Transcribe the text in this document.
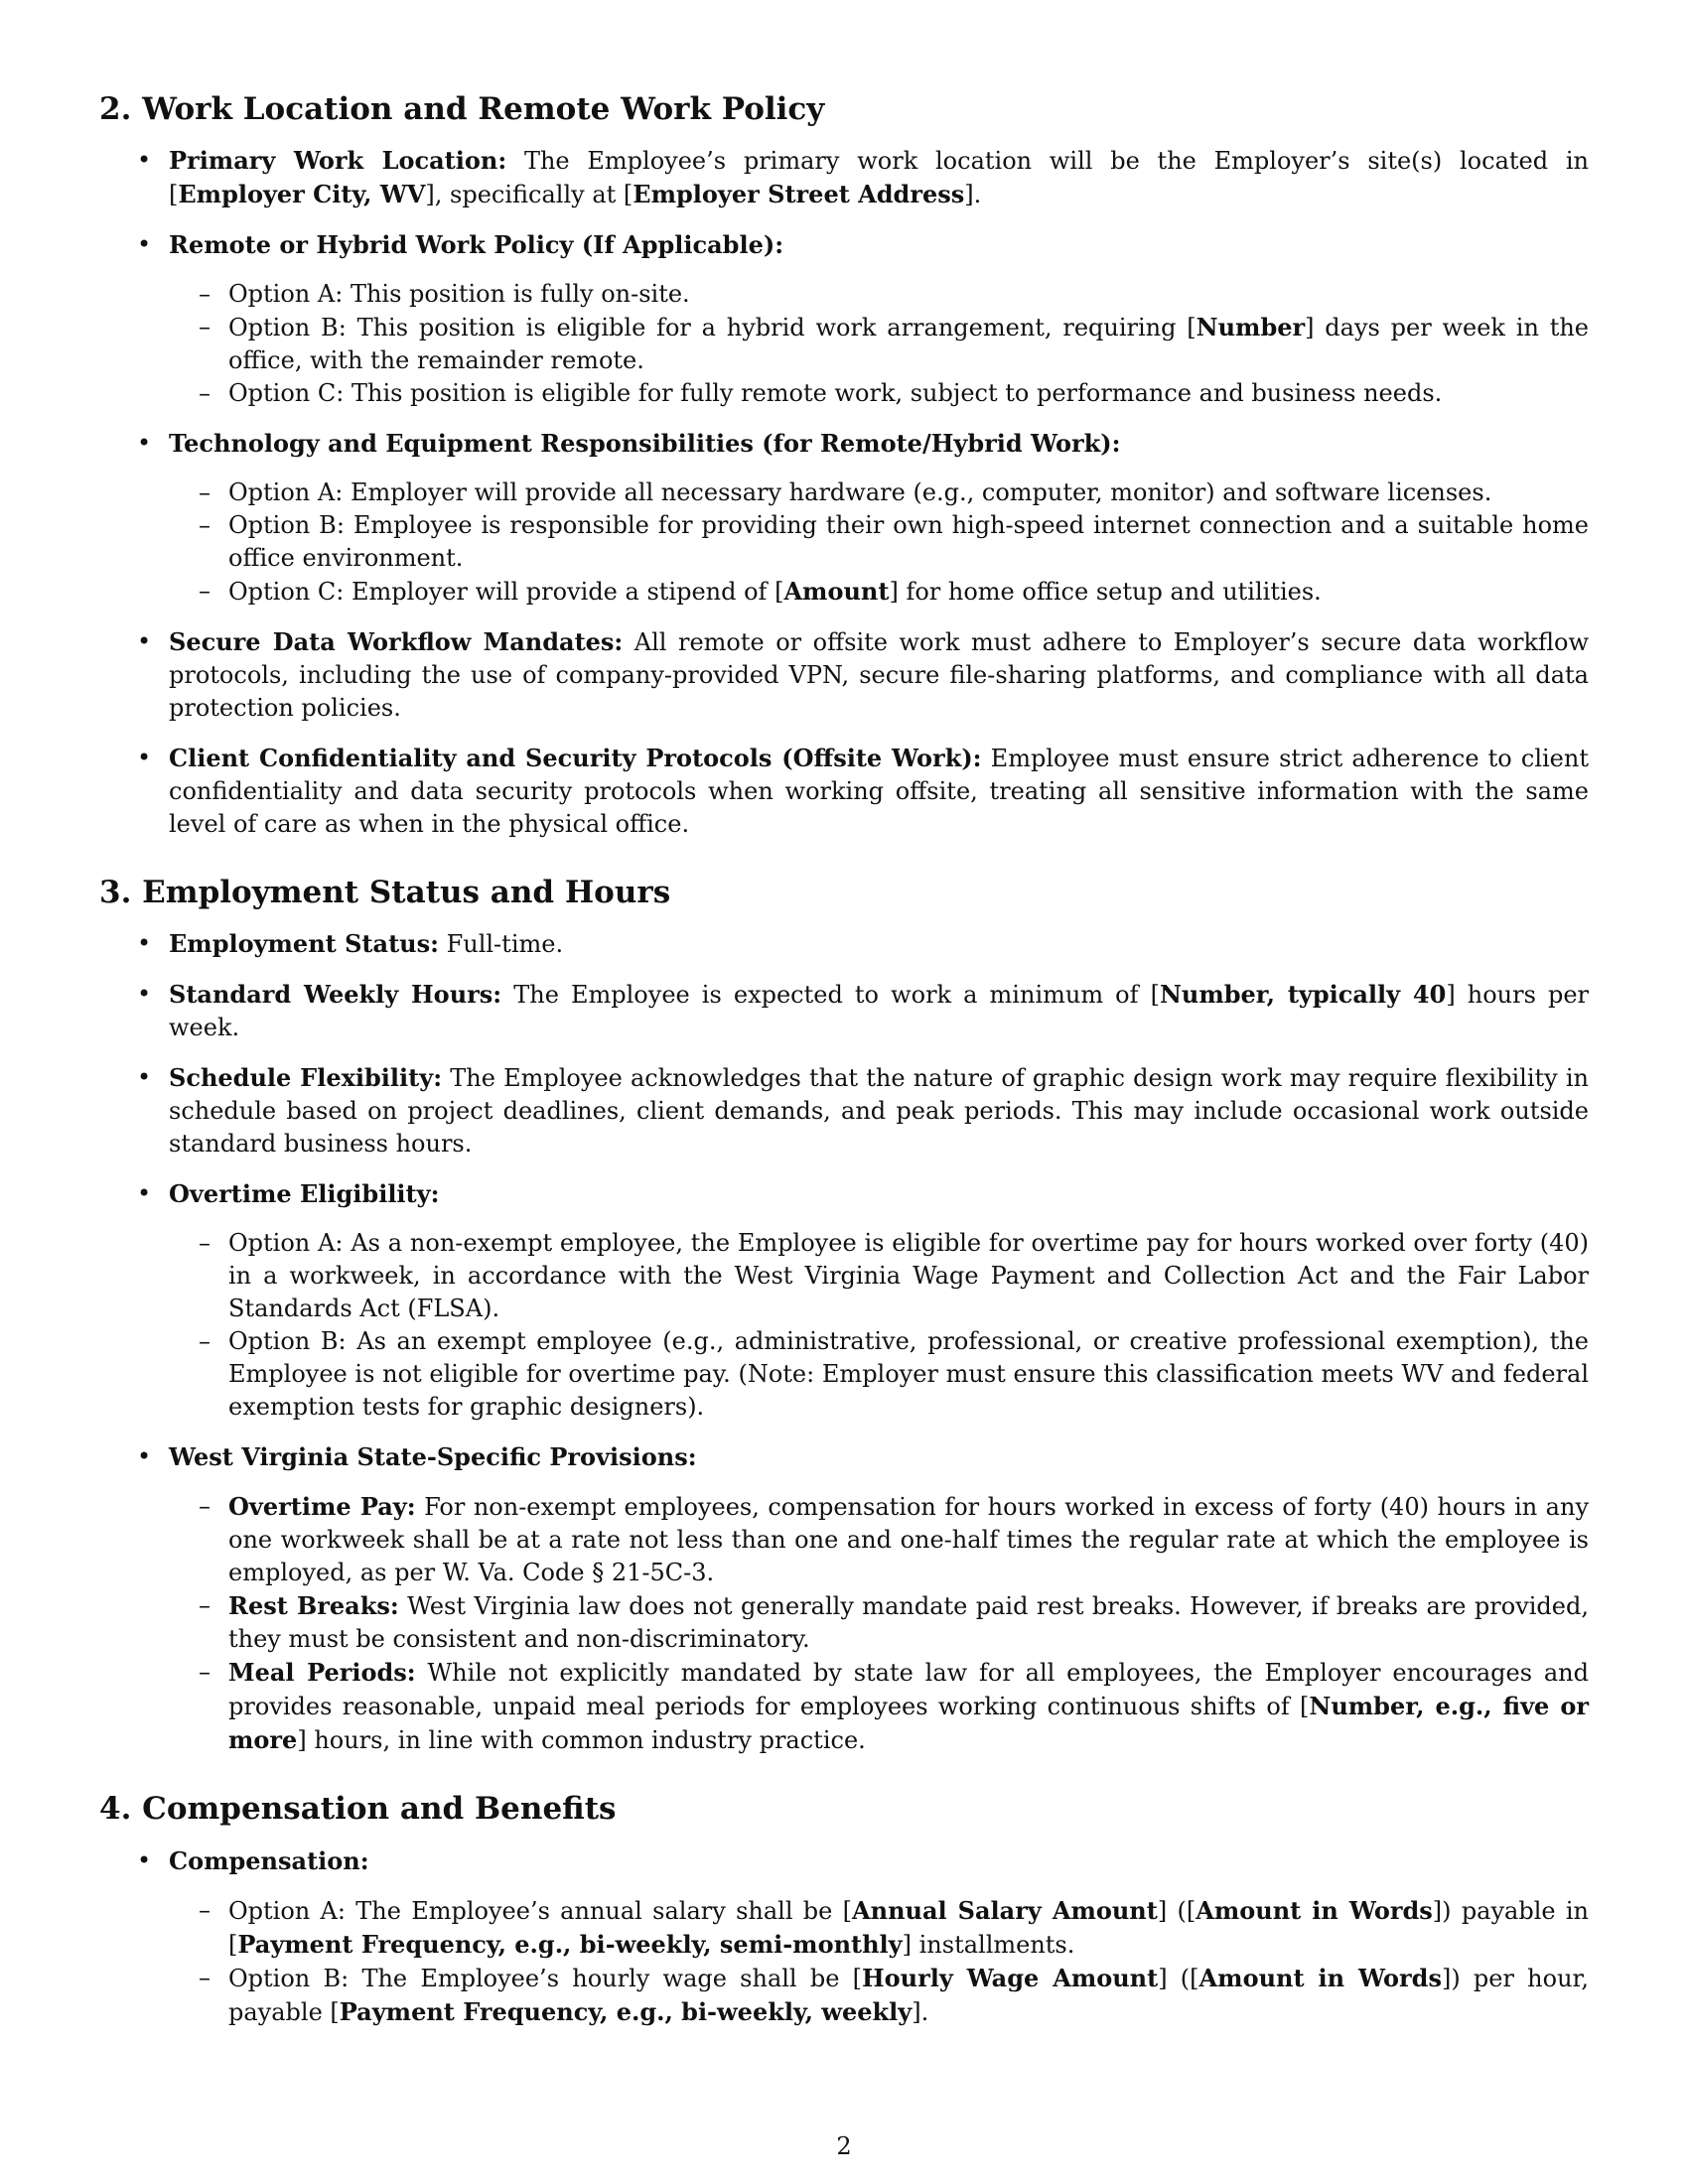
2. Work Location and Remote Work Policy
• Primary Work Location: The Employee’s primary work location will be the Employer’s site(s) located in [Employer City, WV], specifically at [Employer Street Address].
• Remote or Hybrid Work Policy (If Applicable):
– Option A: This position is fully on-site.
– Option B: This position is eligible for a hybrid work arrangement, requiring [Number] days per week in the office, with the remainder remote.
– Option C: This position is eligible for fully remote work, subject to performance and business needs.
• Technology and Equipment Responsibilities (for Remote/Hybrid Work):
– Option A: Employer will provide all necessary hardware (e.g., computer, monitor) and software licenses.
– Option B: Employee is responsible for providing their own high-speed internet connection and a suitable home office environment.
– Option C: Employer will provide a stipend of [Amount] for home office setup and utilities.
• Secure Data Workflow Mandates: All remote or offsite work must adhere to Employer’s secure data workflow protocols, including the use of company-provided VPN, secure file-sharing platforms, and compliance with all data protection policies.
• Client Confidentiality and Security Protocols (Offsite Work): Employee must ensure strict adherence to client confidentiality and data security protocols when working offsite, treating all sensitive information with the same level of care as when in the physical office.
3. Employment Status and Hours
• Employment Status: Full-time.
• Standard Weekly Hours: The Employee is expected to work a minimum of [Number, typically 40] hours per week.
• Schedule Flexibility: The Employee acknowledges that the nature of graphic design work may require flexibility in schedule based on project deadlines, client demands, and peak periods. This may include occasional work outside standard business hours.
• Overtime Eligibility:
– Option A: As a non-exempt employee, the Employee is eligible for overtime pay for hours worked over forty (40) in a workweek, in accordance with the West Virginia Wage Payment and Collection Act and the Fair Labor Standards Act (FLSA).
– Option B: As an exempt employee (e.g., administrative, professional, or creative professional exemption), the Employee is not eligible for overtime pay. (Note: Employer must ensure this classification meets WV and federal exemption tests for graphic designers).
• West Virginia State-Specific Provisions:
– Overtime Pay: For non-exempt employees, compensation for hours worked in excess of forty (40) hours in any one workweek shall be at a rate not less than one and one-half times the regular rate at which the employee is employed, as per W. Va. Code § 21-5C-3.
– Rest Breaks: West Virginia law does not generally mandate paid rest breaks. However, if breaks are provided, they must be consistent and non-discriminatory.
– Meal Periods: While not explicitly mandated by state law for all employees, the Employer encourages and provides reasonable, unpaid meal periods for employees working continuous shifts of [Number, e.g., five or more] hours, in line with common industry practice.
4. Compensation and Benefits
• Compensation:
– Option A: The Employee’s annual salary shall be [Annual Salary Amount] ([Amount in Words]) payable in [Payment Frequency, e.g., bi-weekly, semi-monthly] installments.
– Option B: The Employee’s hourly wage shall be [Hourly Wage Amount] ([Amount in Words]) per hour, payable [Payment Frequency, e.g., bi-weekly, weekly].
2
